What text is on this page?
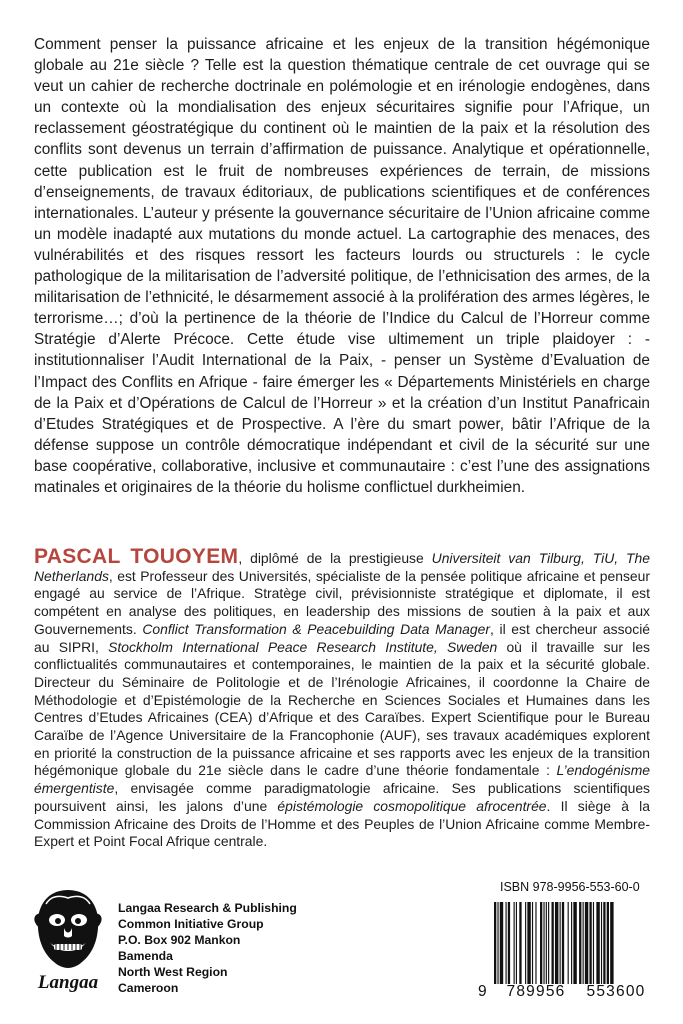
Comment penser la puissance africaine et les enjeux de la transition hégémonique globale au 21e siècle ? Telle est la question thématique centrale de cet ouvrage qui se veut un cahier de recherche doctrinale en polémologie et en irénologie endogènes, dans un contexte où la mondialisation des enjeux sécuritaires signifie pour l’Afrique, un reclassement géostratégique du continent où le maintien de la paix et la résolution des conflits sont devenus un terrain d’affirmation de puissance. Analytique et opérationnelle, cette publication est le fruit de nombreuses expériences de terrain, de missions d’enseignements, de travaux éditoriaux, de publications scientifiques et de conférences internationales. L’auteur y présente la gouvernance sécuritaire de l’Union africaine comme un modèle inadapté aux mutations du monde actuel. La cartographie des menaces, des vulnérabilités et des risques ressort les facteurs lourds ou structurels : le cycle pathologique de la militarisation de l’adversité politique, de l’ethnicisation des armes, de la militarisation de l’ethnicité, le désarmement associé à la prolifération des armes légères, le terrorisme…; d’où la pertinence de la théorie de l’Indice du Calcul de l’Horreur comme Stratégie d’Alerte Précoce. Cette étude vise ultimement un triple plaidoyer : - institutionnaliser l’Audit International de la Paix, - penser un Système d’Evaluation de l’Impact des Conflits en Afrique - faire émerger les « Départements Ministériels en charge de la Paix et d’Opérations de Calcul de l’Horreur » et la création d’un Institut Panafricain d’Etudes Stratégiques et de Prospective. A l’ère du smart power, bâtir l’Afrique de la défense suppose un contrôle démocratique indépendant et civil de la sécurité sur une base coopérative, collaborative, inclusive et communautaire : c’est l’une des assignations matinales et originaires de la théorie du holisme conflictuel durkheimien.

PASCAL TOUOYEM, diplômé de la prestigieuse Universiteit van Tilburg, TiU, The Netherlands, est Professeur des Universités, spécialiste de la pensée politique africaine et penseur engagé au service de l’Afrique. Stratège civil, prévisionniste stratégique et diplomate, il est compétent en analyse des politiques, en leadership des missions de soutien à la paix et aux Gouvernements. Conflict Transformation & Peacebuilding Data Manager, il est chercheur associé au SIPRI, Stockholm International Peace Research Institute, Sweden où il travaille sur les conflictualités communautaires et contemporaines, le maintien de la paix et la sécurité globale. Directeur du Séminaire de Politologie et de l’Irénologie Africaines, il coordonne la Chaire de Méthodologie et d’Epistémologie de la Recherche en Sciences Sociales et Humaines dans les Centres d’Etudes Africaines (CEA) d’Afrique et des Caraïbes. Expert Scientifique pour le Bureau Caraïbe de l’Agence Universitaire de la Francophonie (AUF), ses travaux académiques explorent en priorité la construction de la puissance africaine et ses rapports avec les enjeux de la transition hégémonique globale du 21e siècle dans le cadre d’une théorie fondamentale : L’endogénisme émergentiste, envisagée comme paradigmatologie africaine. Ses publications scientifiques poursuivent ainsi, les jalons d’une épistémologie cosmopolitique afrocentrée. Il siège à la Commission Africaine des Droits de l’Homme et des Peuples de l’Union Africaine comme Membre-Expert et Point Focal Afrique centrale.

Langaa
Langaa Research & Publishing
Common Initiative Group
P.O. Box 902 Mankon
Bamenda
North West Region
Cameroon
ISBN 978-9956-553-60-0
9 789956 553600
